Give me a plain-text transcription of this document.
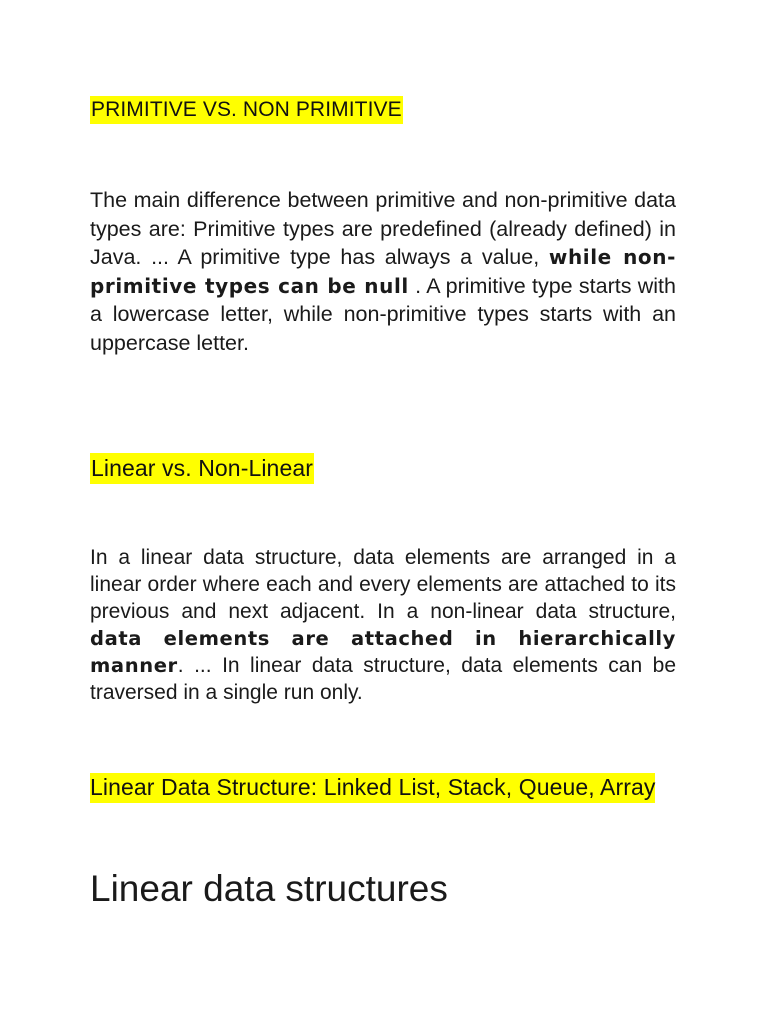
PRIMITIVE VS. NON PRIMITIVE

The main difference between primitive and non-primitive data types are: Primitive types are predefined (already defined) in Java. ... A primitive type has always a value, while non-primitive types can be null . A primitive type starts with a lowercase letter, while non-primitive types starts with an uppercase letter.

Linear vs. Non-Linear

In a linear data structure, data elements are arranged in a linear order where each and every elements are attached to its previous and next adjacent. In a non-linear data structure, data elements are attached in hierarchically manner. ... In linear data structure, data elements can be traversed in a single run only.

Linear Data Structure: Linked List, Stack, Queue, Array
Linear data structures
